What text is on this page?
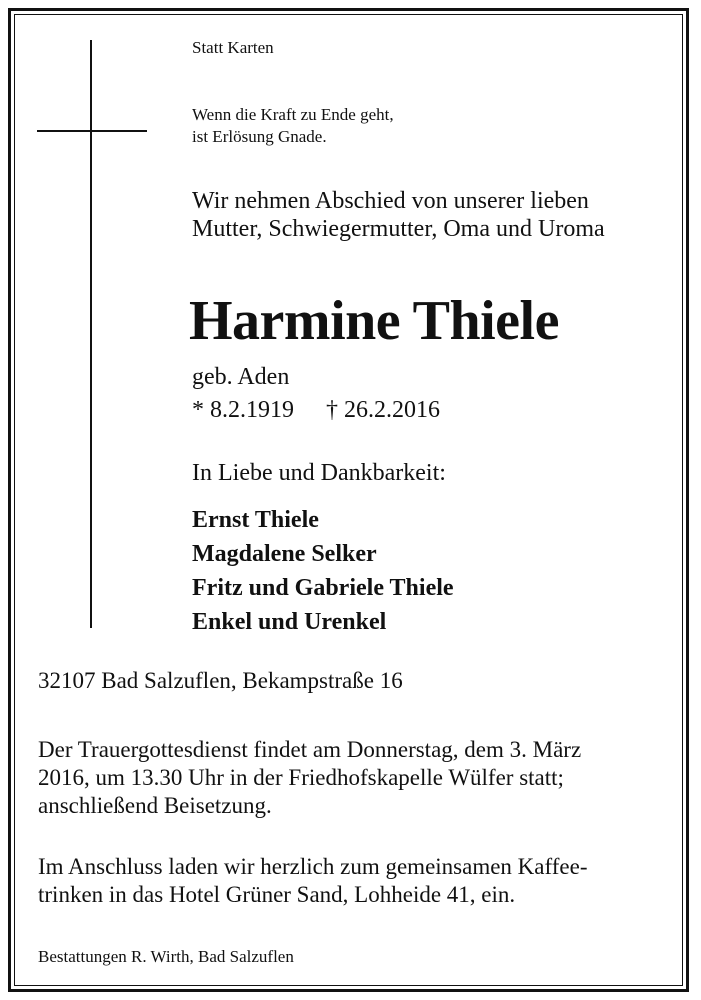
Statt Karten
Wenn die Kraft zu Ende geht,
ist Erlösung Gnade.
Wir nehmen Abschied von unserer lieben
Mutter, Schwiegermutter, Oma und Uroma
Harmine Thiele
geb. Aden
* 8.2.1919 † 26.2.2016
In Liebe und Dankbarkeit:
Ernst Thiele
Magdalene Selker
Fritz und Gabriele Thiele
Enkel und Urenkel
32107 Bad Salzuflen, Bekampstraße 16
Der Trauergottesdienst findet am Donnerstag, dem 3. März
2016, um 13.30 Uhr in der Friedhofskapelle Wülfer statt;
anschließend Beisetzung.
Im Anschluss laden wir herzlich zum gemeinsamen Kaffee-
trinken in das Hotel Grüner Sand, Lohheide 41, ein.
Bestattungen R. Wirth, Bad Salzuflen
